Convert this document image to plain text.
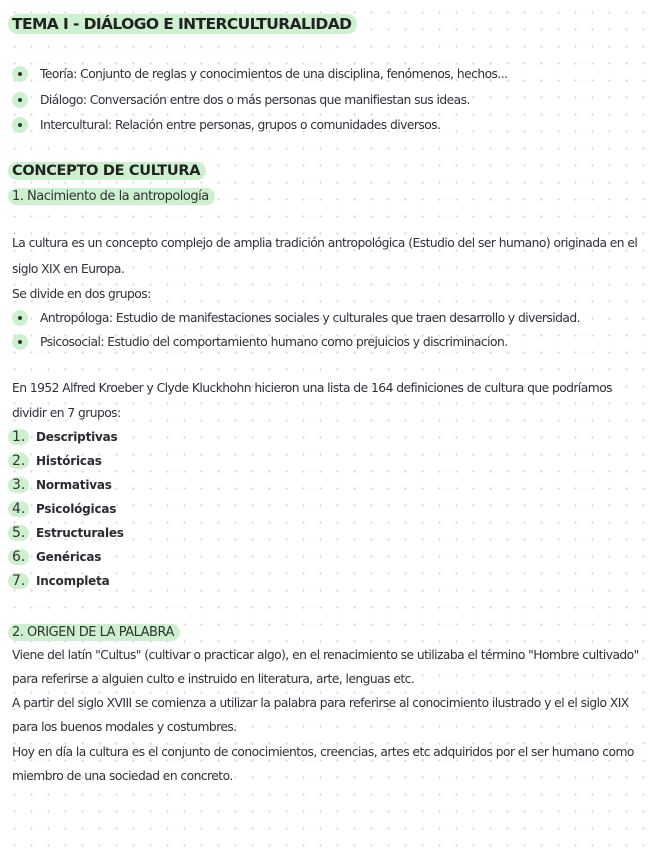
TEMA I - DIÁLOGO E INTERCULTURALIDAD
Teoría: Conjunto de reglas y conocimientos de una disciplina, fenómenos, hechos...
Diálogo: Conversación entre dos o más personas que manifiestan sus ideas.
Intercultural: Relación entre personas, grupos o comunidades diversos.
CONCEPTO DE CULTURA
1. Nacimiento de la antropología
La cultura es un concepto complejo de amplia tradición antropológica (Estudio del ser humano) originada en el
siglo XIX en Europa.
Se divide en dos grupos:
Antropóloga: Estudio de manifestaciones sociales y culturales que traen desarrollo y diversidad.
Psicosocial: Estudio del comportamiento humano como prejuicios y discriminacion.
En 1952 Alfred Kroeber y Clyde Kluckhohn hicieron una lista de 164 definiciones de cultura que podríamos
dividir en 7 grupos:
1. Descriptivas
2. Históricas
3. Normativas
4. Psicológicas
5. Estructurales
6. Genéricas
7. Incompleta
2. ORIGEN DE LA PALABRA
Viene del latín "Cultus" (cultivar o practicar algo), en el renacimiento se utilizaba el término "Hombre cultivado"
para referirse a alguien culto e instruido en literatura, arte, lenguas etc.
A partir del siglo XVIII se comienza a utilizar la palabra para referirse al conocimiento ilustrado y el el siglo XIX
para los buenos modales y costumbres.
Hoy en día la cultura es el conjunto de conocimientos, creencias, artes etc adquiridos por el ser humano como
miembro de una sociedad en concreto.
